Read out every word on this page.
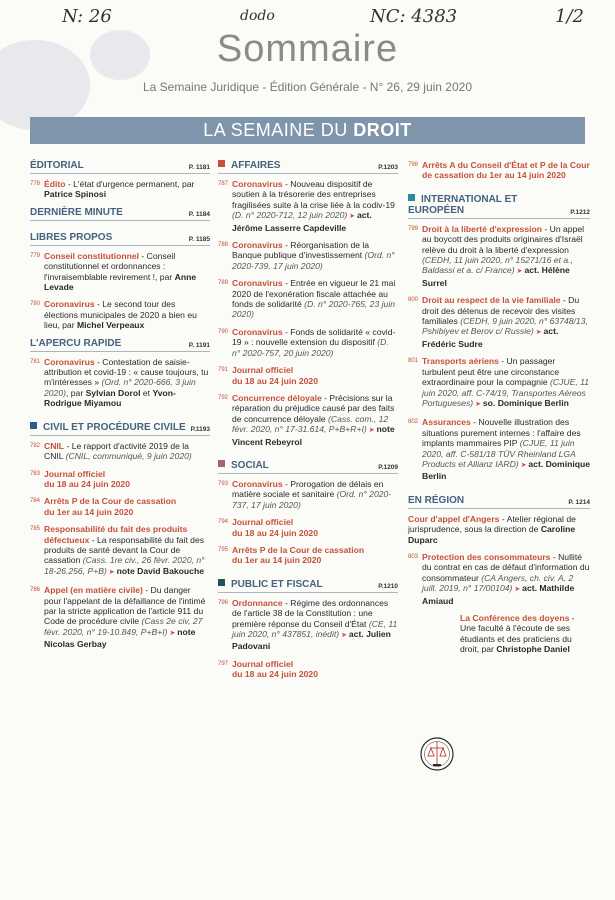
N: 26	dodo	NC: 4383	1/2
Sommaire
La Semaine Juridique - Édition Générale - N° 26, 29 juin 2020
LA SEMAINE DU DROIT
ÉDITORIAL	P. 1181
778 Édito - L'état d'urgence permanent, par Patrice Spinosi
DERNIÈRE MINUTE	P. 1184
LIBRES PROPOS	P. 1185
779 Conseil constitutionnel - Conseil constitutionnel et ordonnances : l'invraisemblable revirement !, par Anne Levade
780 Coronavirus - Le second tour des élections municipales de 2020 a bien eu lieu, par Michel Verpeaux
L'APERCU RAPIDE	P. 1191
781 Coronavirus - Contestation de saisie-attribution et covid-19 : « cause toujours, tu m'intéresses » (Ord. n° 2020-666, 3 juin 2020), par Sylvian Dorol et Yvon-Rodrigue Miyamou
CIVIL ET PROCÉDURE CIVILE P.1193
782 CNIL - Le rapport d'activité 2019 de la CNIL (CNIL, communiqué, 9 juin 2020)
783 Journal officiel
du 18 au 24 juin 2020
784 Arrêts P de la Cour de cassation
du 1er au 14 juin 2020
785 Responsabilité du fait des produits défectueux - La responsabilité du fait des produits de santé devant la Cour de cassation (Cass. 1re civ., 26 févr. 2020, n° 18-26.256, P+B) ➤ note David Bakouche
786 Appel (en matière civile) - Du danger pour l'appelant de la défaillance de l'intimé par la stricte application de l'article 911 du Code de procédure civile (Cass 2e civ, 27 févr. 2020, n° 19-10.849, P+B+I) ➤ note Nicolas Gerbay
AFFAIRES	P.1203
787 Coronavirus - Nouveau dispositif de soutien à la trésorerie des entreprises fragilisées suite à la crise liée à la codiv-19 (D. n° 2020-712, 12 juin 2020) ➤ act. Jérôme Lasserre Capdeville
788 Coronavirus - Réorganisation de la Banque publique d'investissement (Ord. n° 2020-739, 17 juin 2020)
789 Coronavirus - Entrée en vigueur le 21 mai 2020 de l'exonération fiscale attachée au fonds de solidarité (D. n° 2020-765, 23 juin 2020)
790 Coronavirus - Fonds de solidarité « covid-19 » : nouvelle extension du dispositif (D. n° 2020-757, 20 juin 2020)
791 Journal officiel
du 18 au 24 juin 2020
792 Concurrence déloyale - Précisions sur la réparation du préjudice causé par des faits de concurrence déloyale (Cass. com., 12 févr. 2020, n° 17-31.614, P+B+R+I) ➤ note Vincent Rebeyrol
SOCIAL	P.1209
793 Coronavirus - Prorogation de délais en matière sociale et sanitaire (Ord. n° 2020-737, 17 juin 2020)
794 Journal officiel
du 18 au 24 juin 2020
795 Arrêts P de la Cour de cassation
du 1er au 14 juin 2020
PUBLIC ET FISCAL	P.1210
796 Ordonnance - Régime des ordonnances de l'article 38 de la Constitution : une première réponse du Conseil d'État (CE, 11 juin 2020, n° 437851, inédit) ➤ act. Julien Padovani
797 Journal officiel
du 18 au 24 juin 2020
798 Arrêts A du Conseil d'État et P de la Cour de cassation du 1er au 14 juin 2020
INTERNATIONAL ET EUROPÉEN	P.1212
799 Droit à la liberté d'expression - Un appel au boycott des produits originaires d'Israël relève du droit à la liberté d'expression (CEDH, 11 juin 2020, n° 15271/16 et a., Baldassi et a. c/ France) ➤ act. Hélène Surrel
800 Droit au respect de la vie familiale - Du droit des détenus de recevoir des visites familiales (CEDH, 9 juin 2020, n° 63748/13, Pshibiyev et Berov c/ Russie) ➤ act. Frédéric Sudre
801 Transports aériens - Un passager turbulent peut être une circonstance extraordinaire pour la compagnie (CJUE, 11 juin 2020, aff. C-74/19, Transportes Aéreos Portugueses) ➤ so. Dominique Berlin
802 Assurances - Nouvelle illustration des situations purement internes : l'affaire des implants mammaires PIP (CJUE, 11 juin 2020, aff. C-581/18 TÜV Rheinland LGA Products et Allianz IARD) ➤ act. Dominique Berlin
EN RÉGION	P. 1214
Cour d'appel d'Angers - Atelier régional de jurisprudence, sous la direction de Caroline Duparc
803 Protection des consommateurs - Nullité du contrat en cas de défaut d'information du consommateur (CA Angers, ch. civ. A, 2 juill. 2019, n° 17/00104) ➤ act. Mathilde Amiaud
La Conférence des doyens - Une faculté à l'écoute de ses étudiants et des praticiens du droit, par Christophe Daniel
